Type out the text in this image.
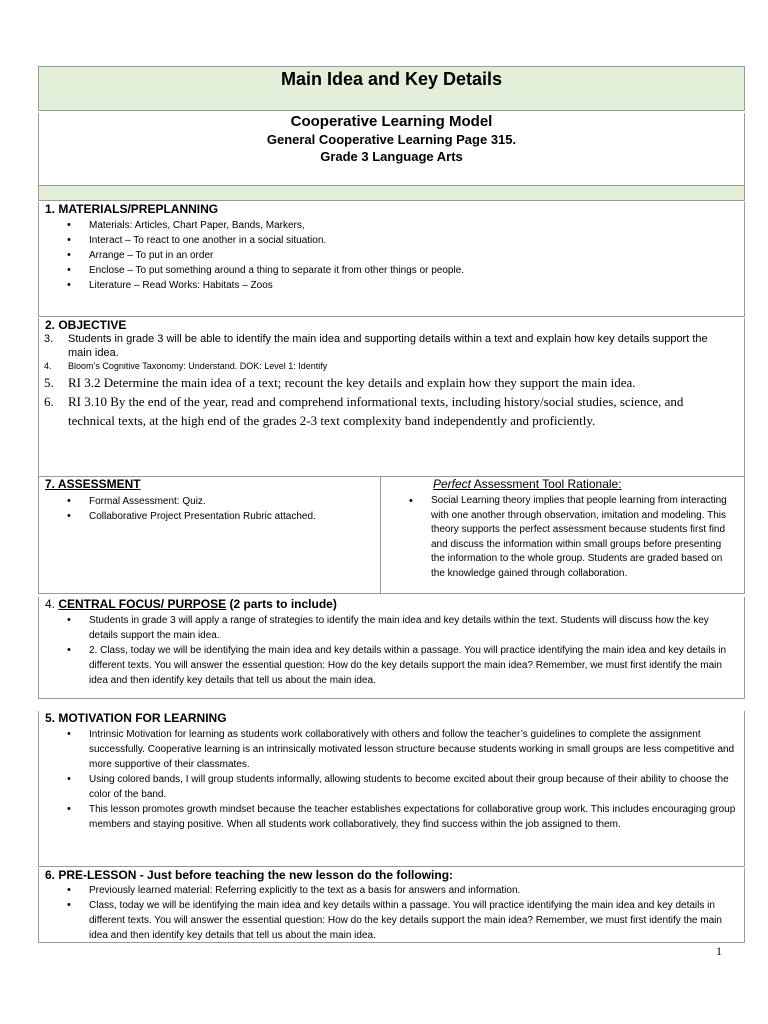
Main Idea and Key Details
Cooperative Learning Model
General Cooperative Learning Page 315.
Grade 3 Language Arts
1. MATERIALS/PREPLANNING
• Materials: Articles, Chart Paper, Bands, Markers,
• Interact – To react to one another in a social situation.
• Arrange – To put in an order
• Enclose – To put something around a thing to separate it from other things or people.
• Literature – Read Works: Habitats – Zoos
2. OBJECTIVE
3. Students in grade 3 will be able to identify the main idea and supporting details within a text and explain how key details support the main idea.
4. Bloom’s Cognitive Taxonomy: Understand. DOK: Level 1: Identify
5. RI 3.2 Determine the main idea of a text; recount the key details and explain how they support the main idea.
6. RI 3.10 By the end of the year, read and comprehend informational texts, including history/social studies, science, and technical texts, at the high end of the grades 2-3 text complexity band independently and proficiently.
7. ASSESSMENT
• Formal Assessment: Quiz.
• Collaborative Project Presentation Rubric attached.
Perfect Assessment Tool Rationale:
• Social Learning theory implies that people learning from interacting with one another through observation, imitation and modeling. This theory supports the perfect assessment because students first find and discuss the information within small groups before presenting the information to the whole group. Students are graded based on the knowledge gained through collaboration.
4. CENTRAL FOCUS/ PURPOSE (2 parts to include)
• Students in grade 3 will apply a range of strategies to identify the main idea and key details within the text. Students will discuss how the key details support the main idea.
• 2. Class, today we will be identifying the main idea and key details within a passage. You will practice identifying the main idea and key details in different texts. You will answer the essential question: How do the key details support the main idea? Remember, we must first identify the main idea and then identify key details that tell us about the main idea.
5. MOTIVATION FOR LEARNING
• Intrinsic Motivation for learning as students work collaboratively with others and follow the teacher’s guidelines to complete the assignment successfully. Cooperative learning is an intrinsically motivated lesson structure because students working in small groups are less competitive and more supportive of their classmates.
• Using colored bands, I will group students informally, allowing students to become excited about their group because of their ability to choose the color of the band.
• This lesson promotes growth mindset because the teacher establishes expectations for collaborative group work. This includes encouraging group members and staying positive. When all students work collaboratively, they find success within the job assigned to them.
6. PRE-LESSON - Just before teaching the new lesson do the following:
• Previously learned material: Referring explicitly to the text as a basis for answers and information.
• Class, today we will be identifying the main idea and key details within a passage. You will practice identifying the main idea and key details in different texts. You will answer the essential question: How do the key details support the main idea? Remember, we must first identify the main idea and then identify key details that tell us about the main idea.
1
